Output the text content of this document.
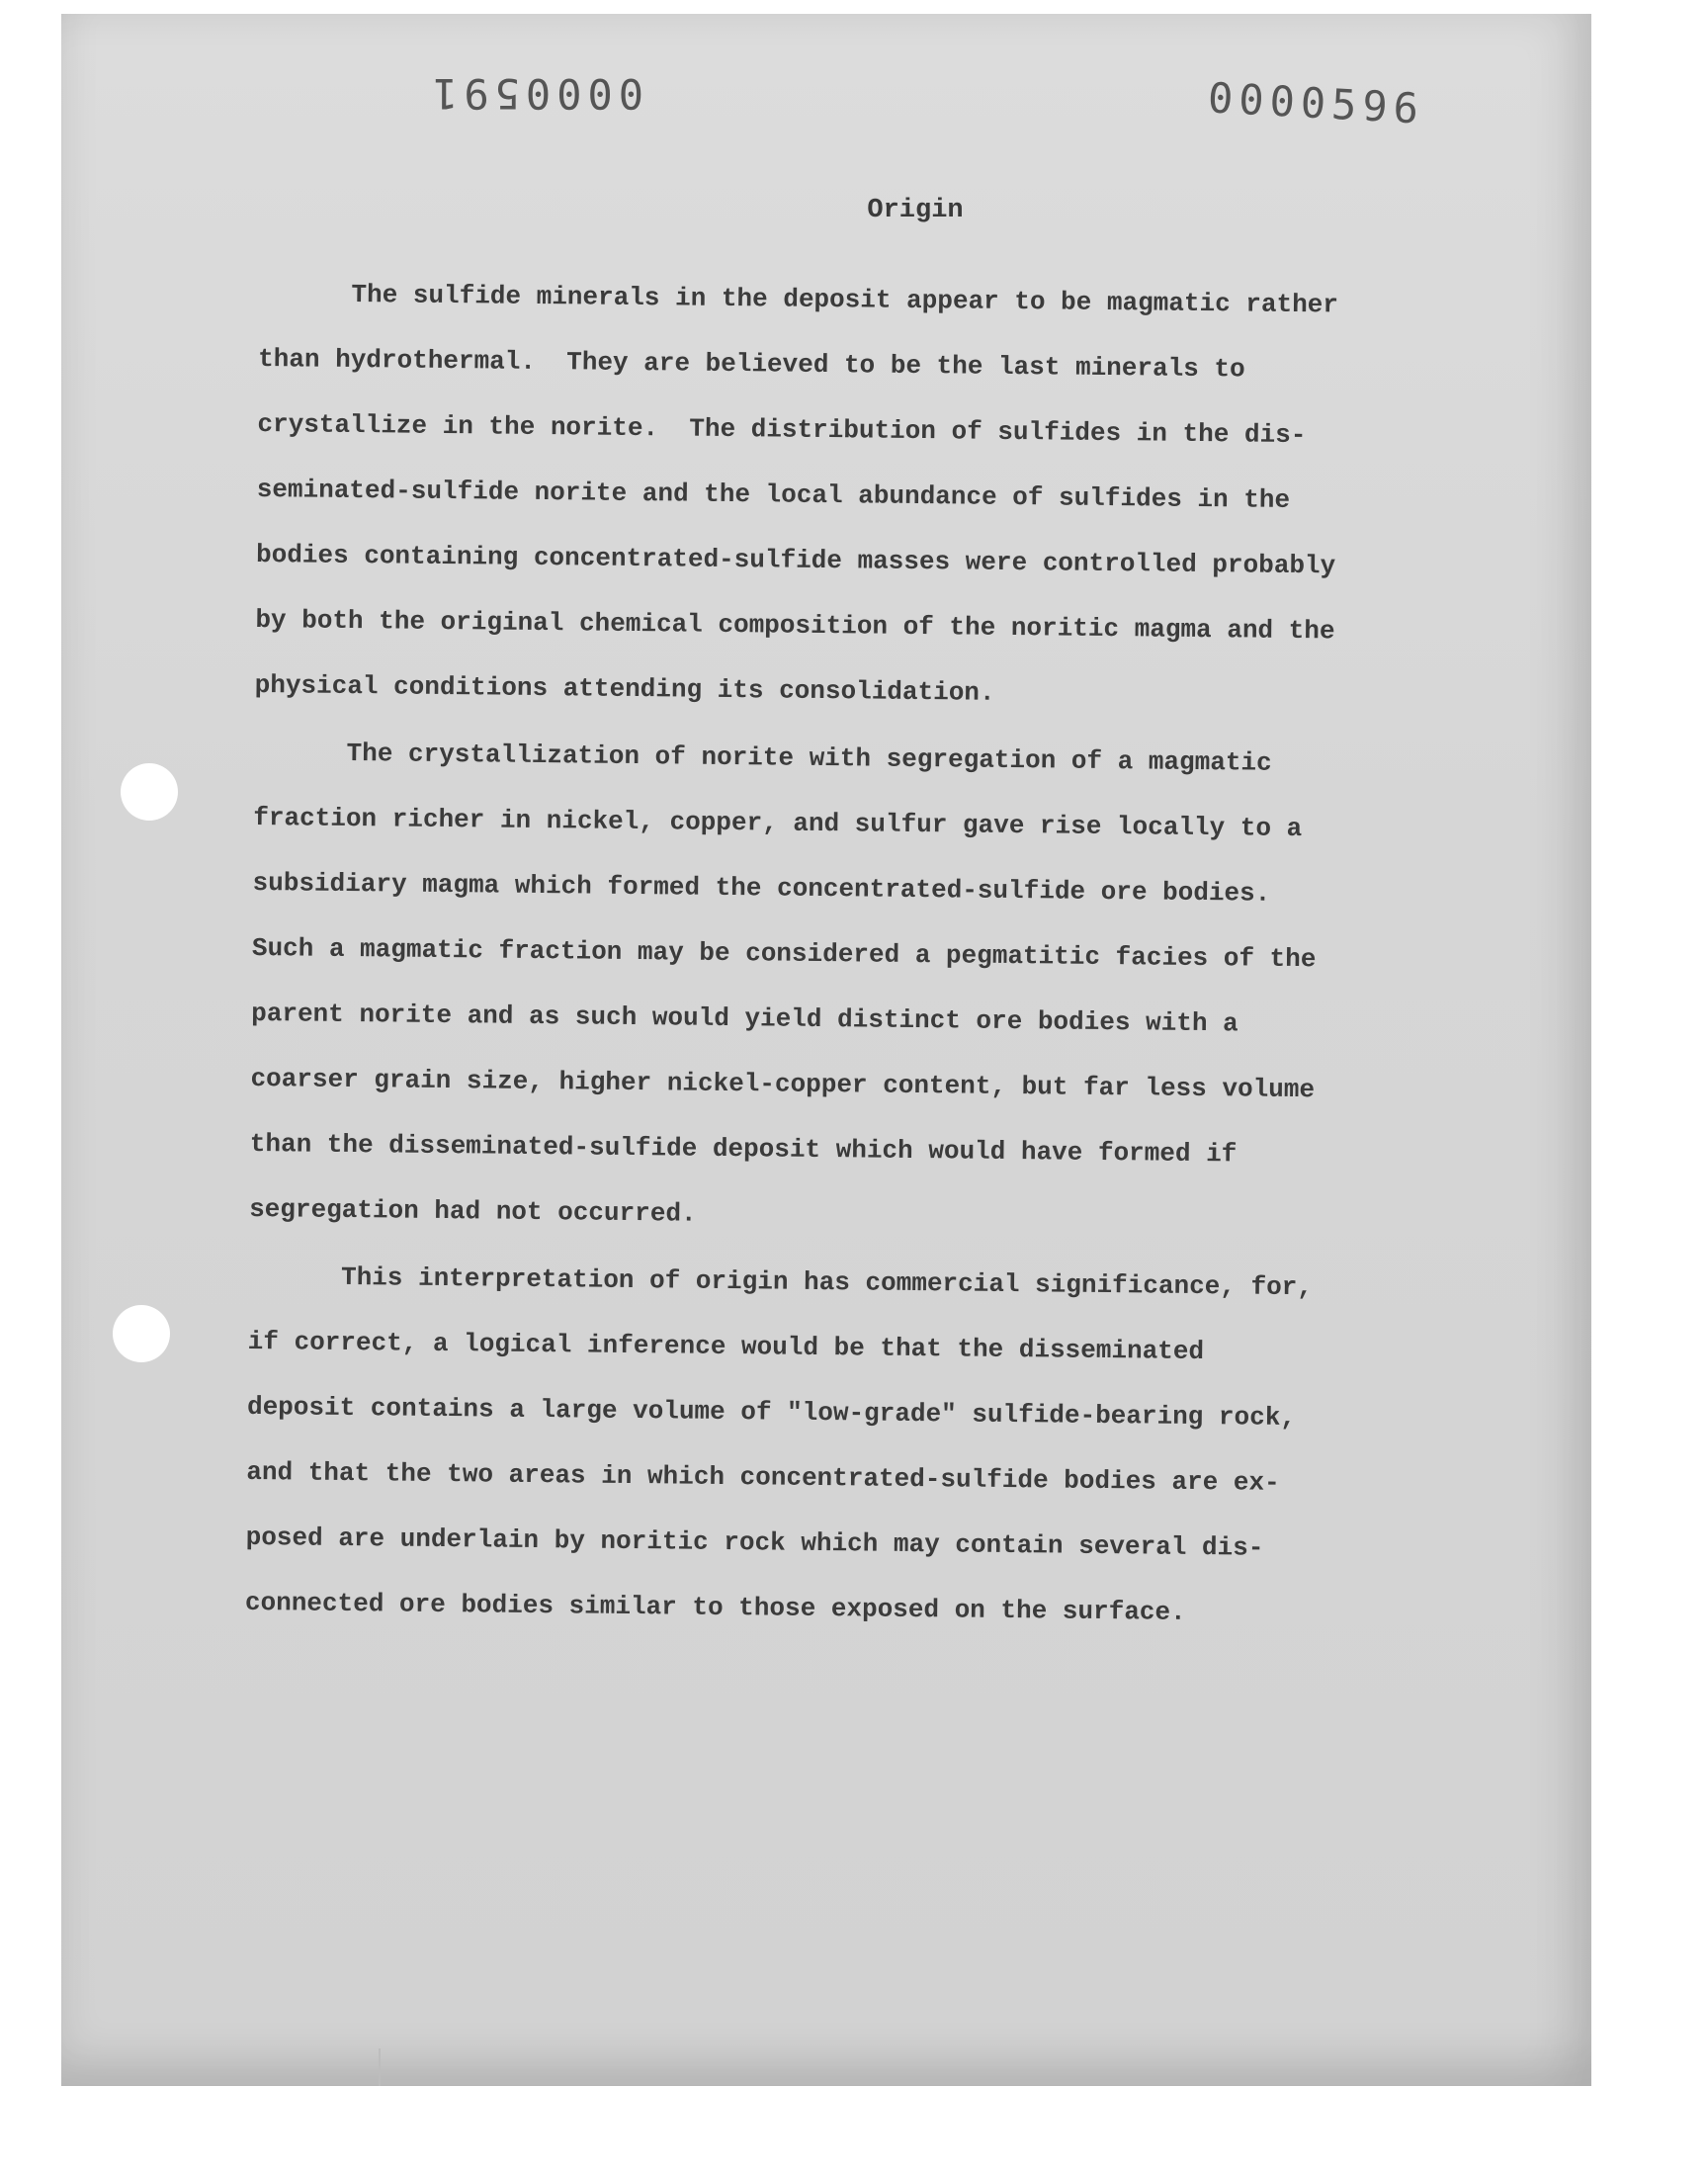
0000591	0000596
Origin
The sulfide minerals in the deposit appear to be magmatic rather
than hydrothermal.  They are believed to be the last minerals to
crystallize in the norite.  The distribution of sulfides in the dis-
seminated-sulfide norite and the local abundance of sulfides in the
bodies containing concentrated-sulfide masses were controlled probably
by both the original chemical composition of the noritic magma and the
physical conditions attending its consolidation.
The crystallization of norite with segregation of a magmatic
fraction richer in nickel, copper, and sulfur gave rise locally to a
subsidiary magma which formed the concentrated-sulfide ore bodies.
Such a magmatic fraction may be considered a pegmatitic facies of the
parent norite and as such would yield distinct ore bodies with a
coarser grain size, higher nickel-copper content, but far less volume
than the disseminated-sulfide deposit which would have formed if
segregation had not occurred.
This interpretation of origin has commercial significance, for,
if correct, a logical inference would be that the disseminated
deposit contains a large volume of "low-grade" sulfide-bearing rock,
and that the two areas in which concentrated-sulfide bodies are ex-
posed are underlain by noritic rock which may contain several dis-
connected ore bodies similar to those exposed on the surface.
